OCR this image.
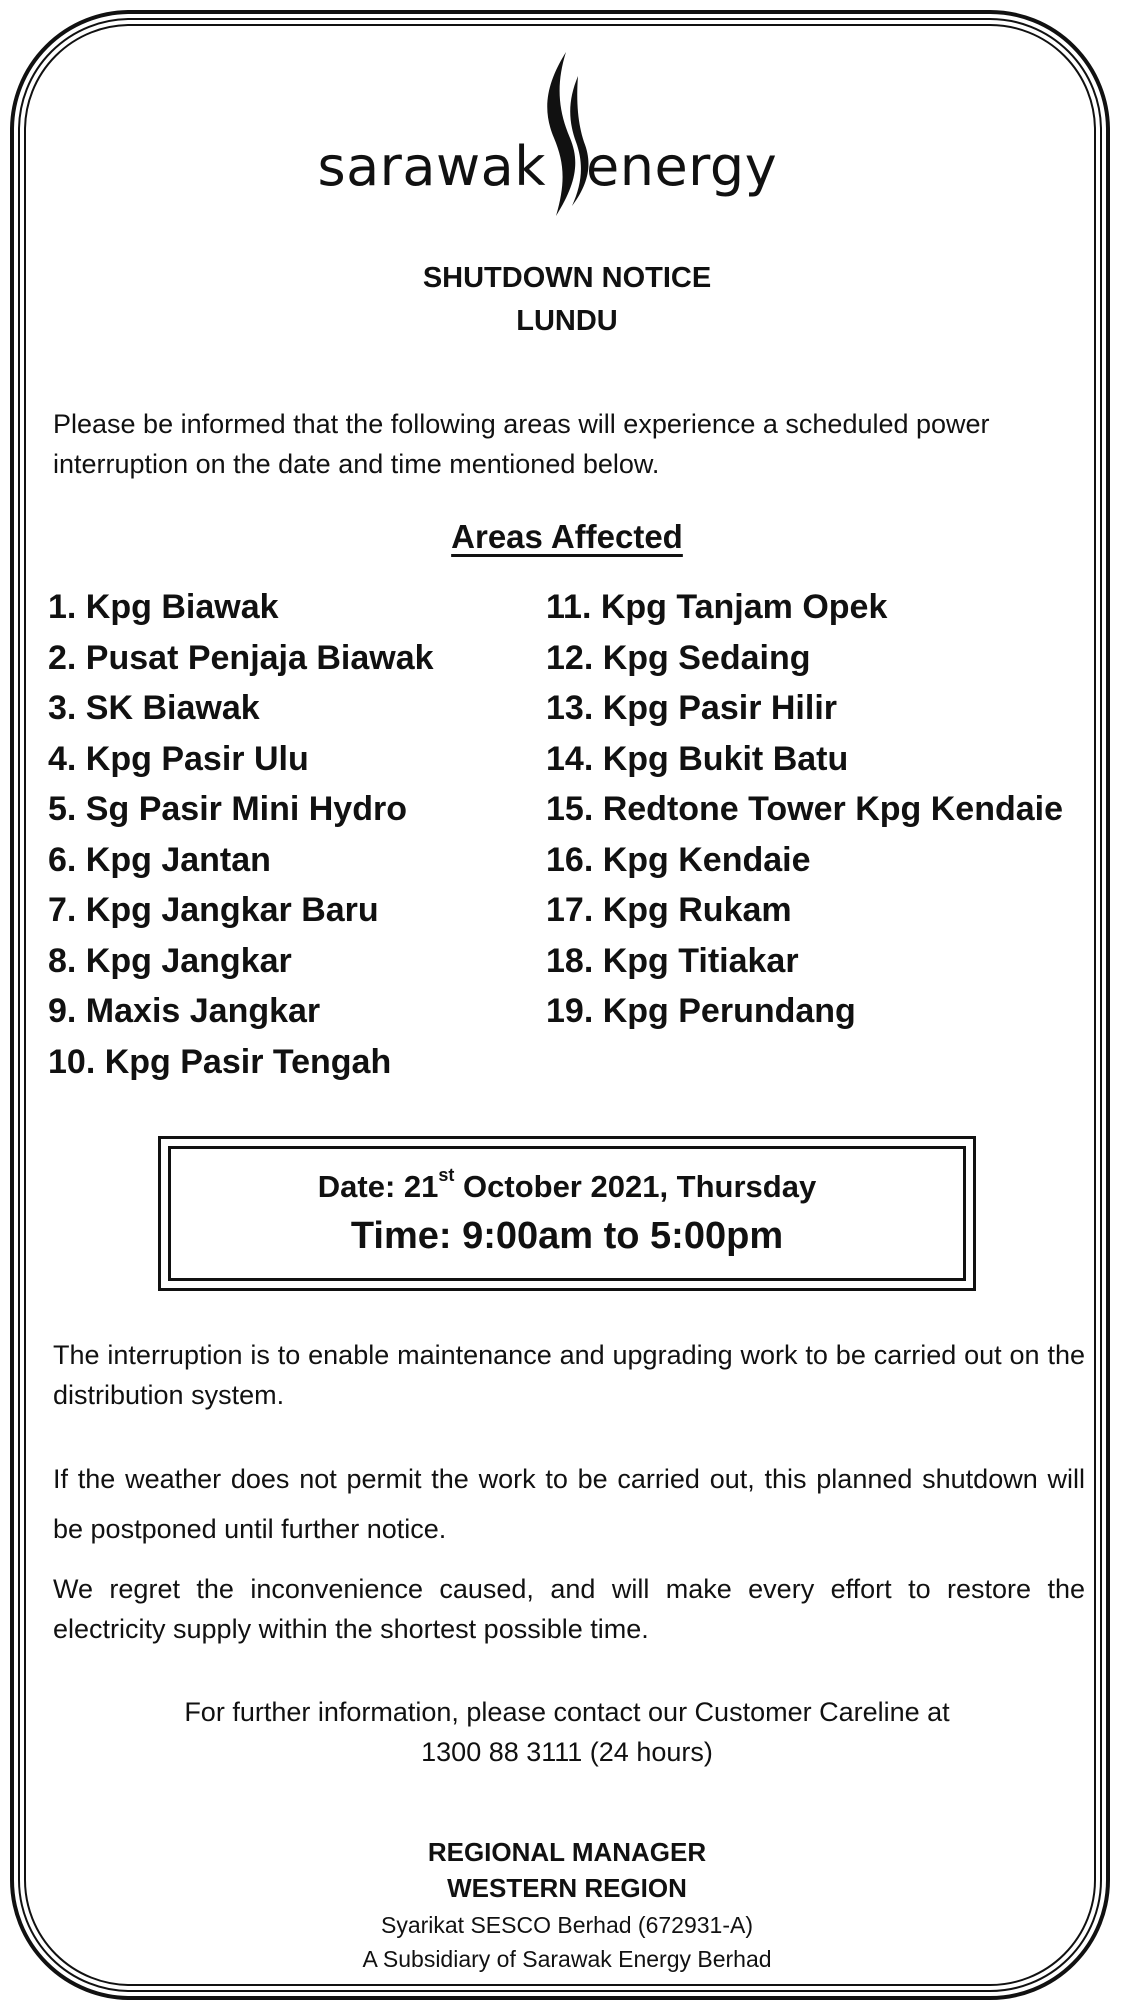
sarawak energy
SHUTDOWN NOTICE
LUNDU
Please be informed that the following areas will experience a scheduled power interruption on the date and time mentioned below.
Areas Affected
1. Kpg Biawak
2. Pusat Penjaja Biawak
3. SK Biawak
4. Kpg Pasir Ulu
5. Sg Pasir Mini Hydro
6. Kpg Jantan
7. Kpg Jangkar Baru
8. Kpg Jangkar
9. Maxis Jangkar
10. Kpg Pasir Tengah
11. Kpg Tanjam Opek
12. Kpg Sedaing
13. Kpg Pasir Hilir
14. Kpg Bukit Batu
15. Redtone Tower Kpg Kendaie
16. Kpg Kendaie
17. Kpg Rukam
18. Kpg Titiakar
19. Kpg Perundang
Date: 21st October 2021, Thursday
Time: 9:00am to 5:00pm
The interruption is to enable maintenance and upgrading work to be carried out on the distribution system.
If the weather does not permit the work to be carried out, this planned shutdown will be postponed until further notice.
We regret the inconvenience caused, and will make every effort to restore the electricity supply within the shortest possible time.
For further information, please contact our Customer Careline at
1300 88 3111 (24 hours)
REGIONAL MANAGER
WESTERN REGION
Syarikat SESCO Berhad (672931-A)
A Subsidiary of Sarawak Energy Berhad
